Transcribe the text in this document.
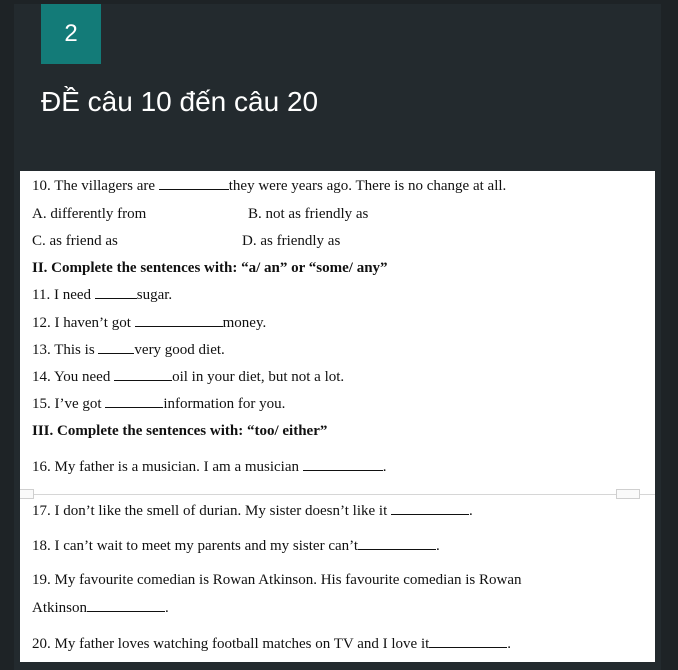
2
ĐỀ câu 10 đến câu 20
10. The villagers are	they were years ago. There is no change at all.
A. differently from	B. not as friendly as
C. as friend as	D. as friendly as
II. Complete the sentences with: “a/ an” or “some/ any”
11. I need	sugar.
12. I haven’t got	money.
13. This is very good diet.
14. You need	oil in your diet, but not a lot.
15. I’ve got	information for you.
III. Complete the sentences with: “too/ either”
16. My father is a musician. I am a musician	.
17. I don’t like the smell of durian. My sister doesn’t like it	.
18. I can’t wait to meet my parents and my sister can’t	.
19. My favourite comedian is Rowan Atkinson. His favourite comedian is Rowan
Atkinson	.
20. My father loves watching football matches on TV and I love it	.
